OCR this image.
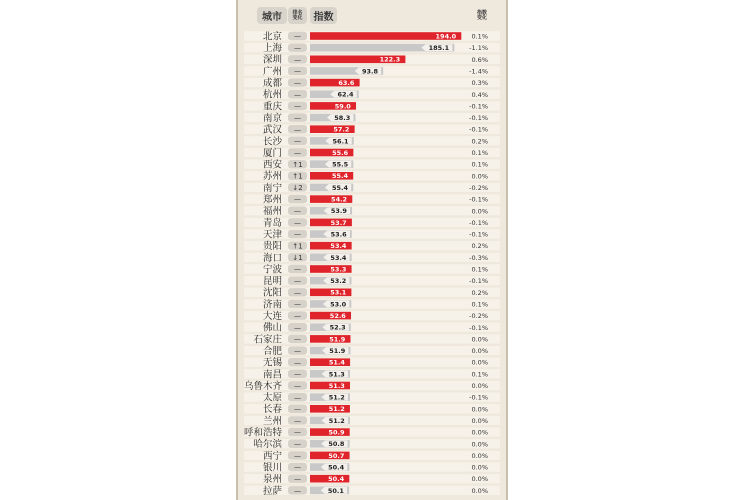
城市	排名
变化	指数	指数
变化
北京 —	194.0 0.1%
上海 —	185.1	-1.1%
深圳 —	122.3	0.6%
广州 —	93.8	-1.4%
成都 —	63.6	0.3%
杭州 —	62.4	0.4%
重庆 —	59.0	-0.1%
南京 —	58.3	-0.1%
武汉 —	57.2	-0.1%
长沙 —	56.1	0.2%
厦门 —	55.6	0.1%
西安 ↑1	55.5	0.1%
苏州 ↑1	55.4	0.0%
南宁 ↓2	55.4	-0.2%
郑州 —	54.2	-0.1%
福州 —	53.9	0.0%
青岛 —	53.7	-0.1%
天津 —	53.6	-0.1%
贵阳 ↑1	53.4	0.2%
海口 ↓1	53.4	-0.3%
宁波 —	53.3	0.1%
昆明 —	53.2	-0.1%
沈阳 —	53.1	0.2%
济南 —	53.0	0.1%
大连 —	52.6	-0.2%
佛山 —	52.3	-0.1%
石家庄 —	51.9	0.0%
合肥 —	51.9	0.0%
无锡 —	51.4	0.0%
南昌 —	51.3	0.1%
乌鲁木齐 —	51.3	0.0%
太原 —	51.2	-0.1%
长春 —	51.2	0.0%
兰州 —	51.2	0.0%
呼和浩特 —	50.9	0.0%
哈尔滨 —	50.8	0.0%
西宁 —	50.7	0.0%
银川 —	50.4	0.0%
泉州 —	50.4	0.0%
拉萨 —	50.1	0.0%
